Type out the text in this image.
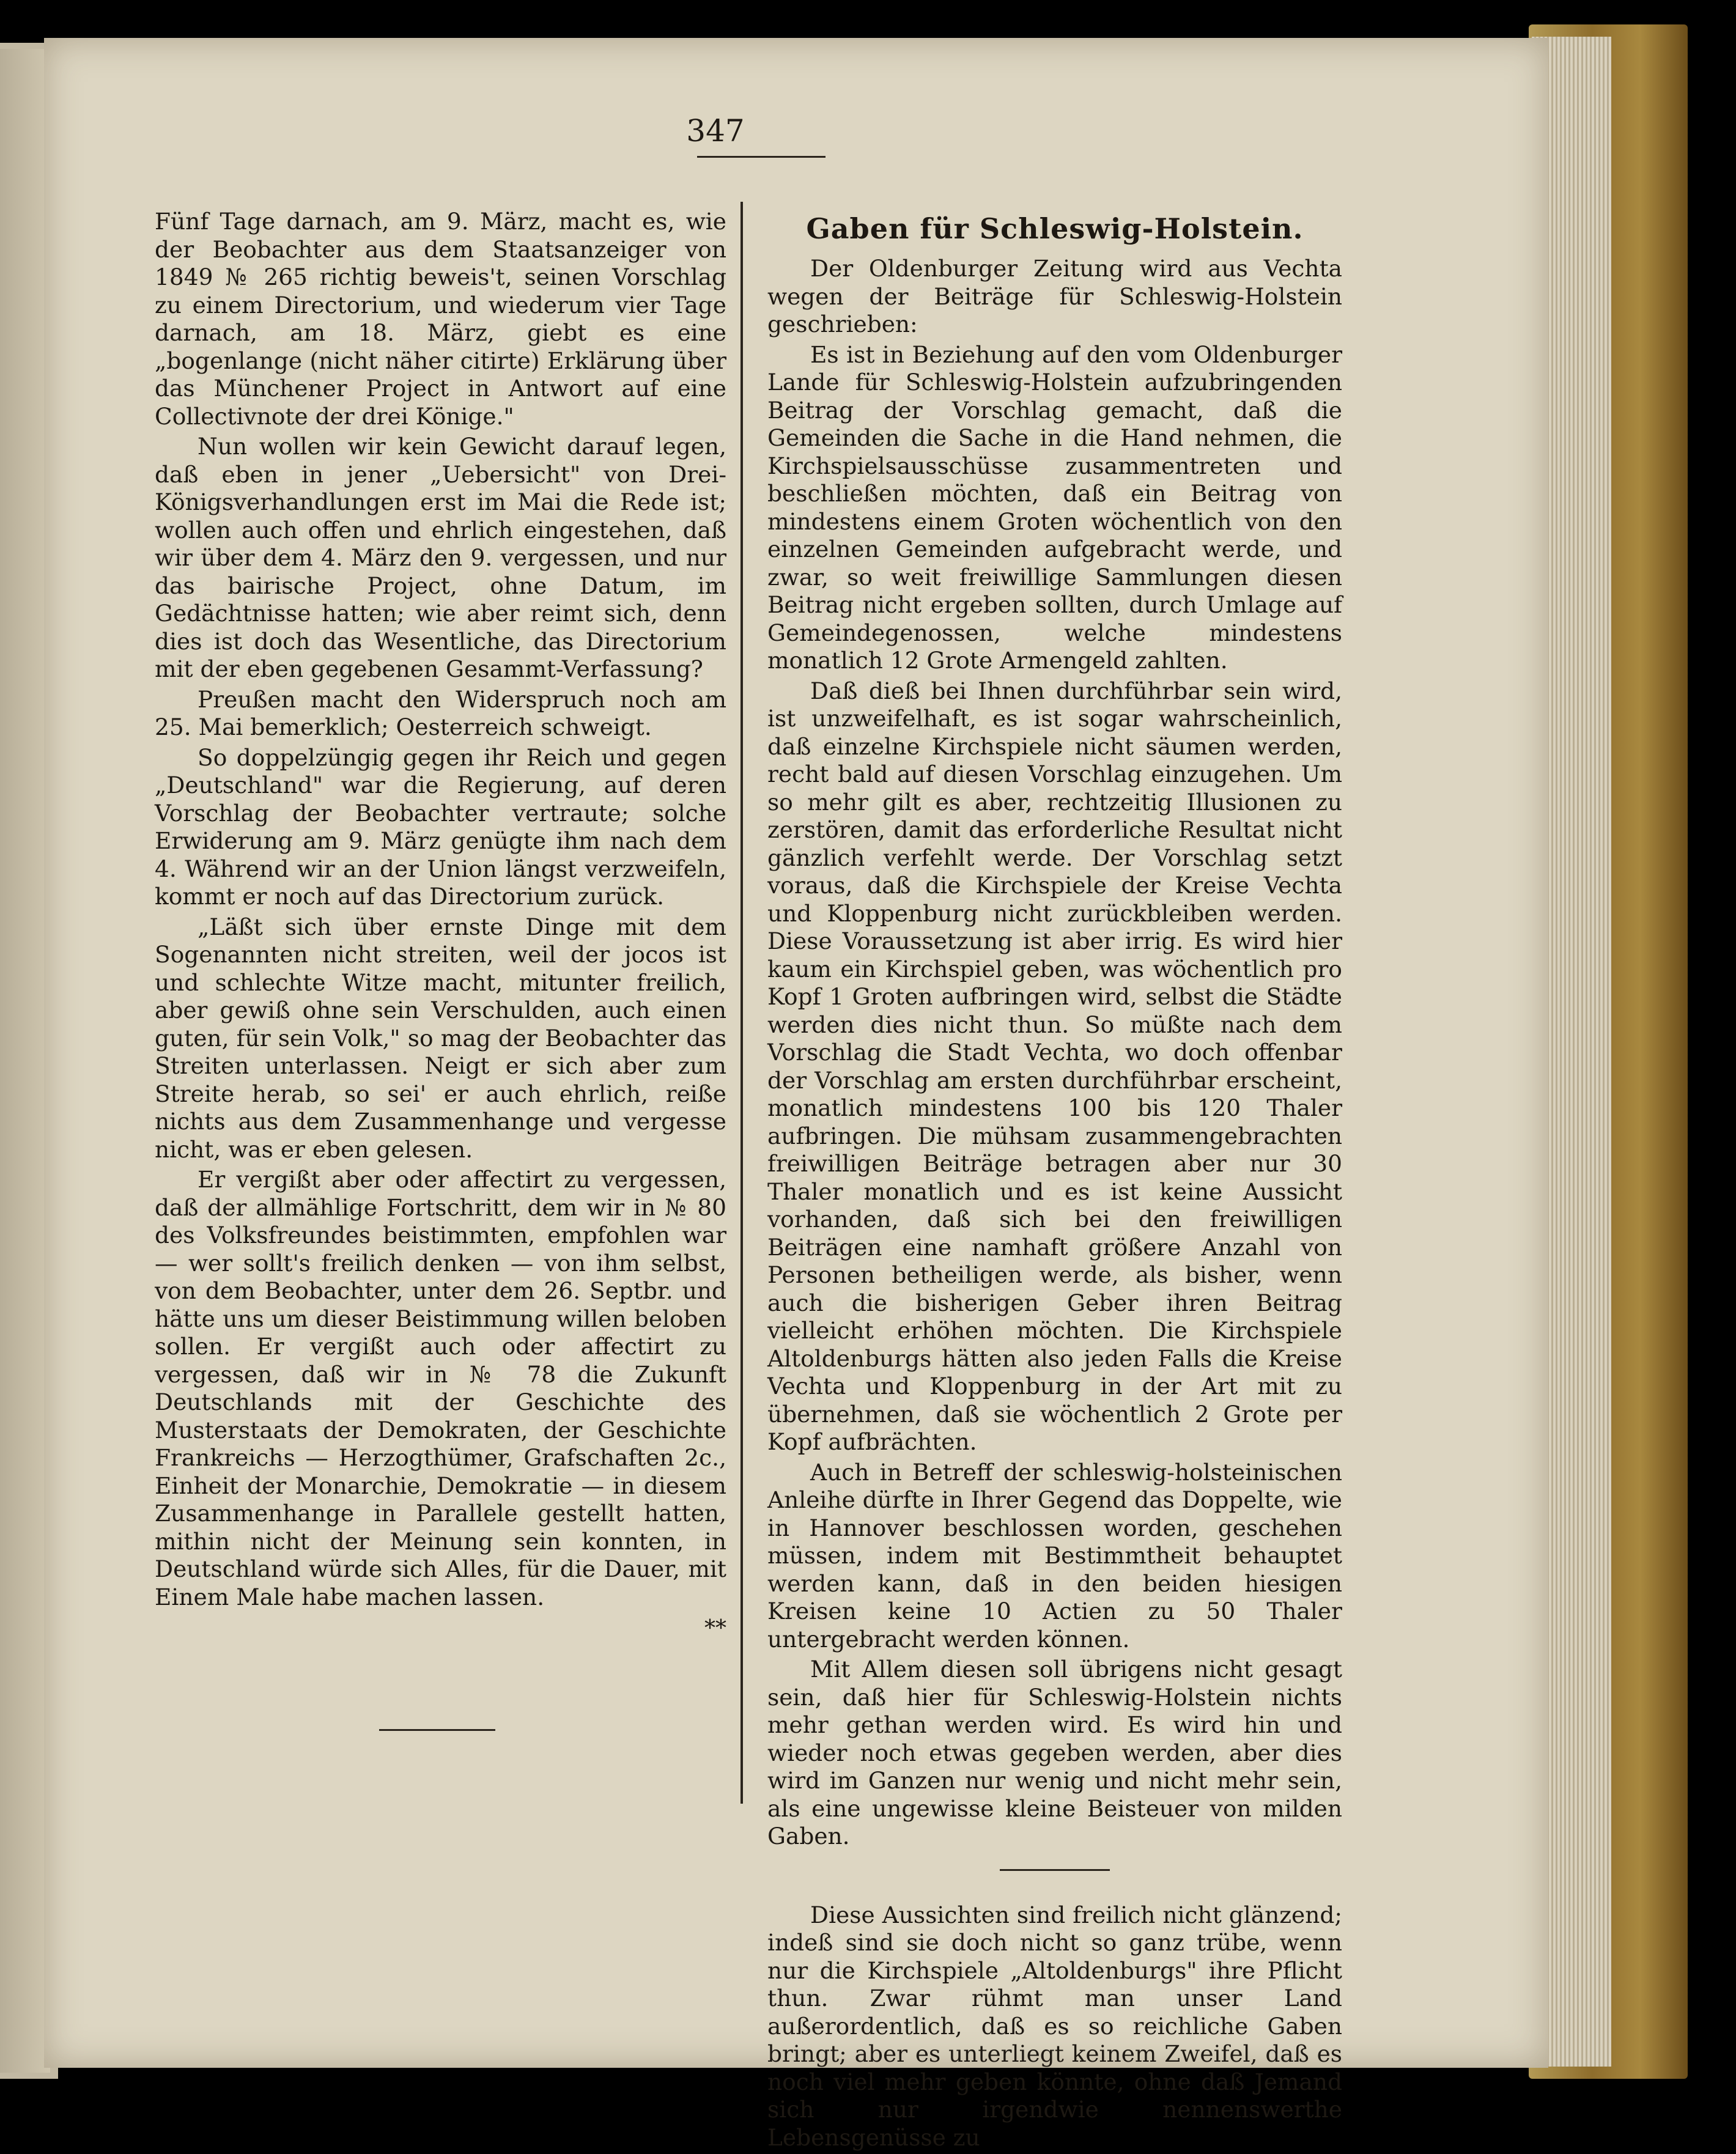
347

Fünf Tage darnach, am 9. März, macht es, wie der Beobachter aus dem Staatsanzeiger von 1849 № 265 richtig beweis't, seinen Vorschlag zu einem Directorium, und wiederum vier Tage darnach, am 18. März, giebt es eine „bogenlange (nicht näher citirte) Erklärung über das Münchener Project in Antwort auf eine Collectivnote der drei Könige."

Nun wollen wir kein Gewicht darauf legen, daß eben in jener „Uebersicht" von Drei-Königsverhandlungen erst im Mai die Rede ist; wollen auch offen und ehrlich eingestehen, daß wir über dem 4. März den 9. vergessen, und nur das bairische Project, ohne Datum, im Gedächtnisse hatten; wie aber reimt sich, denn dies ist doch das Wesentliche, das Directorium mit der eben gegebenen Gesammt-Verfassung?

Preußen macht den Widerspruch noch am 25. Mai bemerklich; Oesterreich schweigt.

So doppelzüngig gegen ihr Reich und gegen „Deutschland" war die Regierung, auf deren Vorschlag der Beobachter vertraute; solche Erwiderung am 9. März genügte ihm nach dem 4. Während wir an der Union längst verzweifeln, kommt er noch auf das Directorium zurück.

„Läßt sich über ernste Dinge mit dem Sogenannten nicht streiten, weil der jocos ist und schlechte Witze macht, mitunter freilich, aber gewiß ohne sein Verschulden, auch einen guten, für sein Volk," so mag der Beobachter das Streiten unterlassen. Neigt er sich aber zum Streite herab, so sei' er auch ehrlich, reiße nichts aus dem Zusammenhange und vergesse nicht, was er eben gelesen.

Er vergißt aber oder affectirt zu vergessen, daß der allmählige Fortschritt, dem wir in № 80 des Volksfreundes beistimmten, empfohlen war — wer sollt's freilich denken — von ihm selbst, von dem Beobachter, unter dem 26. Septbr. und hätte uns um dieser Beistimmung willen beloben sollen. Er vergißt auch oder affectirt zu vergessen, daß wir in № 78 die Zukunft Deutschlands mit der Geschichte des Musterstaats der Demokraten, der Geschichte Frankreichs — Herzogthümer, Grafschaften 2c., Einheit der Monarchie, Demokratie — in diesem Zusammenhange in Parallele gestellt hatten, mithin nicht der Meinung sein konnten, in Deutschland würde sich Alles, für die Dauer, mit Einem Male habe machen lassen.

**
Gaben für Schleswig-Holstein.

Der Oldenburger Zeitung wird aus Vechta wegen der Beiträge für Schleswig-Holstein geschrieben:

Es ist in Beziehung auf den vom Oldenburger Lande für Schleswig-Holstein aufzubringenden Beitrag der Vorschlag gemacht, daß die Gemeinden die Sache in die Hand nehmen, die Kirchspielsausschüsse zusammentreten und beschließen möchten, daß ein Beitrag von mindestens einem Groten wöchentlich von den einzelnen Gemeinden aufgebracht werde, und zwar, so weit freiwillige Sammlungen diesen Beitrag nicht ergeben sollten, durch Umlage auf Gemeindegenossen, welche mindestens monatlich 12 Grote Armengeld zahlten.

Daß dieß bei Ihnen durchführbar sein wird, ist unzweifelhaft, es ist sogar wahrscheinlich, daß einzelne Kirchspiele nicht säumen werden, recht bald auf diesen Vorschlag einzugehen. Um so mehr gilt es aber, rechtzeitig Illusionen zu zerstören, damit das erforderliche Resultat nicht gänzlich verfehlt werde. Der Vorschlag setzt voraus, daß die Kirchspiele der Kreise Vechta und Kloppenburg nicht zurückbleiben werden. Diese Voraussetzung ist aber irrig. Es wird hier kaum ein Kirchspiel geben, was wöchentlich pro Kopf 1 Groten aufbringen wird, selbst die Städte werden dies nicht thun. So müßte nach dem Vorschlag die Stadt Vechta, wo doch offenbar der Vorschlag am ersten durchführbar erscheint, monatlich mindestens 100 bis 120 Thaler aufbringen. Die mühsam zusammengebrachten freiwilligen Beiträge betragen aber nur 30 Thaler monatlich und es ist keine Aussicht vorhanden, daß sich bei den freiwilligen Beiträgen eine namhaft größere Anzahl von Personen betheiligen werde, als bisher, wenn auch die bisherigen Geber ihren Beitrag vielleicht erhöhen möchten. Die Kirchspiele Altoldenburgs hätten also jeden Falls die Kreise Vechta und Kloppenburg in der Art mit zu übernehmen, daß sie wöchentlich 2 Grote per Kopf aufbrächten.

Auch in Betreff der schleswig-holsteinischen Anleihe dürfte in Ihrer Gegend das Doppelte, wie in Hannover beschlossen worden, geschehen müssen, indem mit Bestimmtheit behauptet werden kann, daß in den beiden hiesigen Kreisen keine 10 Actien zu 50 Thaler untergebracht werden können.

Mit Allem diesen soll übrigens nicht gesagt sein, daß hier für Schleswig-Holstein nichts mehr gethan werden wird. Es wird hin und wieder noch etwas gegeben werden, aber dies wird im Ganzen nur wenig und nicht mehr sein, als eine ungewisse kleine Beisteuer von milden Gaben.

Diese Aussichten sind freilich nicht glänzend; indeß sind sie doch nicht so ganz trübe, wenn nur die Kirchspiele „Altoldenburgs" ihre Pflicht thun. Zwar rühmt man unser Land außerordentlich, daß es so reichliche Gaben bringt; aber es unterliegt keinem Zweifel, daß es noch viel mehr geben könnte, ohne daß Jemand sich nur irgendwie nennenswerthe Lebensgenüsse zu
